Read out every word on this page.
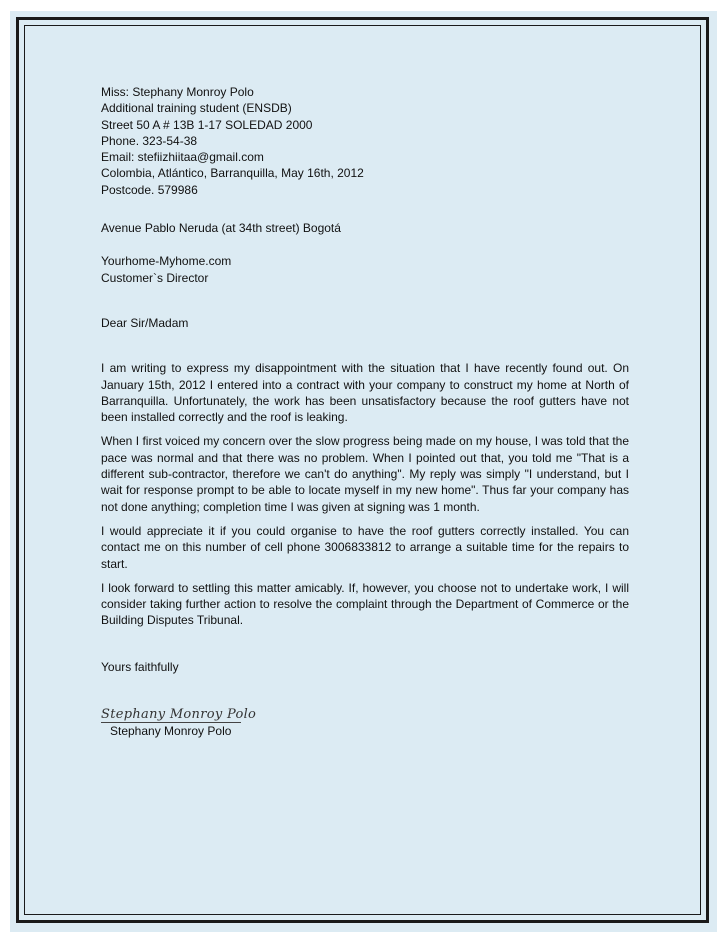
Miss: Stephany Monroy Polo
Additional training student (ENSDB)
Street 50 A # 13B 1-17 SOLEDAD 2000
Phone. 323-54-38
Email: stefiizhiitaa@gmail.com
Colombia, Atlántico, Barranquilla, May 16th, 2012
Postcode. 579986
Avenue Pablo Neruda (at 34th street) Bogotá
Yourhome-Myhome.com
Customer`s Director
Dear Sir/Madam

I am writing to express my disappointment with the situation that I have recently found out. On January 15th, 2012 I entered into a contract with your company to construct my home at North of Barranquilla. Unfortunately, the work has been unsatisfactory because the roof gutters have not been installed correctly and the roof is leaking.

When I first voiced my concern over the slow progress being made on my house, I was told that the pace was normal and that there was no problem. When I pointed out that, you told me "That is a different sub-contractor, therefore we can't do anything". My reply was simply "I understand, but I wait for response prompt to be able to locate myself in my new home". Thus far your company has not done anything; completion time I was given at signing was 1 month.

I would appreciate it if you could organise to have the roof gutters correctly installed. You can contact me on this number of cell phone 3006833812 to arrange a suitable time for the repairs to start.

I look forward to settling this matter amicably. If, however, you choose not to undertake work, I will consider taking further action to resolve the complaint through the Department of Commerce or the Building Disputes Tribunal.

Yours faithfully
Stephany Monroy Polo
Stephany Monroy Polo
